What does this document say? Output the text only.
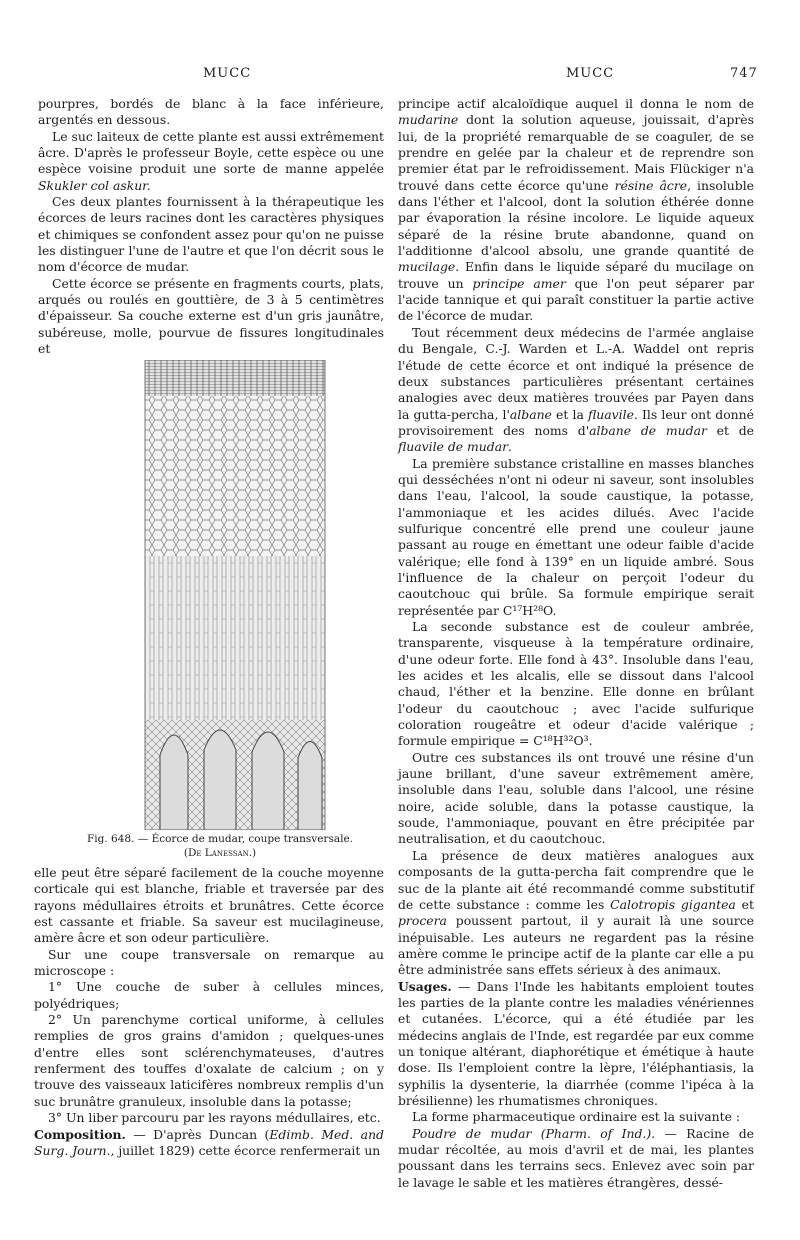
MUCC	MUCC	747

pourpres, bordés de blanc à la face inférieure, argentés en dessous.

Le suc laiteux de cette plante est aussi extrêmement âcre. D'après le professeur Boyle, cette espèce ou une espèce voisine produit une sorte de manne appelée Skukler col askur.

Ces deux plantes fournissent à la thérapeutique les écorces de leurs racines dont les caractères physiques et chimiques se confondent assez pour qu'on ne puisse les distinguer l'une de l'autre et que l'on décrit sous le nom d'écorce de mudar.

Cette écorce se présente en fragments courts, plats, arqués ou roulés en gouttière, de 3 à 5 centimètres d'épaisseur. Sa couche externe est d'un gris jaunâtre, subéreuse, molle, pourvue de fissures longitudinales et

Fig. 648. — Écorce de mudar, coupe transversale.
(De Lanessan.)

elle peut être séparé facilement de la couche moyenne corticale qui est blanche, friable et traversée par des rayons médullaires étroits et brunâtres. Cette écorce est cassante et friable. Sa saveur est mucilagineuse, amère âcre et son odeur particulière.

Sur une coupe transversale on remarque au microscope :

1° Une couche de suber à cellules minces, polyédriques;
2° Un parenchyme cortical uniforme, à cellules remplies de gros grains d'amidon ; quelques-unes d'entre elles sont sclérenchymateuses, d'autres renferment des touffes d'oxalate de calcium ; on y trouve des vaisseaux laticifères nombreux remplis d'un suc brunâtre granuleux, insoluble dans la potasse;
3° Un liber parcouru par les rayons médullaires, etc.

Composition. — D'après Duncan (Edimb. Med. and Surg. Journ., juillet 1829) cette écorce renfermerait un

principe actif alcaloïdique auquel il donna le nom de mudarine dont la solution aqueuse, jouissait, d'après lui, de la propriété remarquable de se coaguler, de se prendre en gelée par la chaleur et de reprendre son premier état par le refroidissement. Mais Flückiger n'a trouvé dans cette écorce qu'une résine âcre, insoluble dans l'éther et l'alcool, dont la solution éthérée donne par évaporation la résine incolore. Le liquide aqueux séparé de la résine brute abandonne, quand on l'additionne d'alcool absolu, une grande quantité de mucilage. Enfin dans le liquide séparé du mucilage on trouve un principe amer que l'on peut séparer par l'acide tannique et qui paraît constituer la partie active de l'écorce de mudar.

Tout récemment deux médecins de l'armée anglaise du Bengale, C.-J. Warden et L.-A. Waddel ont repris l'étude de cette écorce et ont indiqué la présence de deux substances particulières présentant certaines analogies avec deux matières trouvées par Payen dans la gutta-percha, l'albane et la fluavile. Ils leur ont donné provisoirement des noms d'albane de mudar et de fluavile de mudar.

La première substance cristalline en masses blanches qui desséchées n'ont ni odeur ni saveur, sont insolubles dans l'eau, l'alcool, la soude caustique, la potasse, l'ammoniaque et les acides dilués. Avec l'acide sulfurique concentré elle prend une couleur jaune passant au rouge en émettant une odeur faible d'acide valérique; elle fond à 139° en un liquide ambré. Sous l'influence de la chaleur on perçoit l'odeur du caoutchouc qui brûle. Sa formule empirique serait représentée par C¹⁷H²⁸O.

La seconde substance est de couleur ambrée, transparente, visqueuse à la température ordinaire, d'une odeur forte. Elle fond à 43°. Insoluble dans l'eau, les acides et les alcalis, elle se dissout dans l'alcool chaud, l'éther et la benzine. Elle donne en brûlant l'odeur du caoutchouc ; avec l'acide sulfurique coloration rougeâtre et odeur d'acide valérique ; formule empirique = C¹⁸H³²O³.

Outre ces substances ils ont trouvé une résine d'un jaune brillant, d'une saveur extrêmement amère, insoluble dans l'eau, soluble dans l'alcool, une résine noire, acide soluble, dans la potasse caustique, la soude, l'ammoniaque, pouvant en être précipitée par neutralisation, et du caoutchouc.

La présence de deux matières analogues aux composants de la gutta-percha fait comprendre que le suc de la plante ait été recommandé comme substitutif de cette substance : comme les Calotropis gigantea et procera poussent partout, il y aurait là une source inépuisable. Les auteurs ne regardent pas la résine amère comme le principe actif de la plante car elle a pu être administrée sans effets sérieux à des animaux.

Usages. — Dans l'Inde les habitants emploient toutes les parties de la plante contre les maladies vénériennes et cutanées. L'écorce, qui a été étudiée par les médecins anglais de l'Inde, est regardée par eux comme un tonique altérant, diaphorétique et émétique à haute dose. Ils l'emploient contre la lèpre, l'éléphantiasis, la syphilis la dysenterie, la diarrhée (comme l'ipéca à la brésilienne) les rhumatismes chroniques.

La forme pharmaceutique ordinaire est la suivante :

Poudre de mudar (Pharm. of Ind.). — Racine de mudar récoltée, au mois d'avril et de mai, les plantes poussant dans les terrains secs. Enlevez avec soin par le lavage le sable et les matières étrangères, dessé-
